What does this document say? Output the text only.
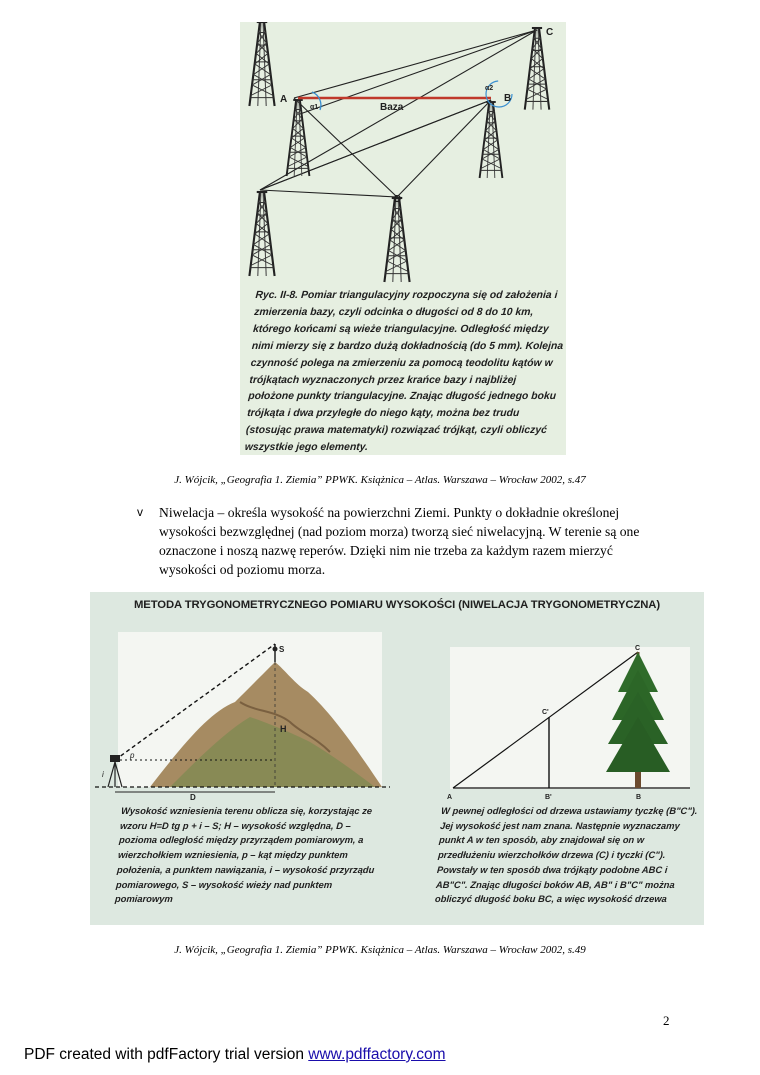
A	B
C
D
Baza
α1
α2
Ryc. II-8. Pomiar triangulacyjny rozpoczyna się od założenia i zmierzenia bazy, czyli odcinka o długości od 8 do 10 km, którego końcami są wieże triangulacyjne. Odległość między nimi mierzy się z bardzo dużą dokładnością (do 5 mm). Kolejna czynność polega na zmierzeniu za pomocą teodolitu kątów w trójkątach wyznaczonych przez krańce bazy i najbliżej położone punkty triangulacyjne. Znając długość jednego boku trójkąta i dwa przyległe do niego kąty, można bez trudu (stosując prawa matematyki) rozwiązać trójkąt, czyli obliczyć wszystkie jego elementy.
J. Wójcik, „Geografia 1. Ziemia” PPWK. Książnica – Atlas. Warszawa – Wrocław 2002, s.47
v Niwelacja – określa wysokość na powierzchni Ziemi. Punkty o dokładnie określonej wysokości bezwzględnej (nad poziom morza) tworzą sieć niwelacyjną. W terenie są one oznaczone i noszą nazwę reperów. Dzięki nim nie trzeba za każdym razem mierzyć wysokości od poziomu morza.
METODA TRYGONOMETRYCZNEGO POMIARU WYSOKOŚCI (NIWELACJA TRYGONOMETRYCZNA)
S
H
p
i
D	A	B'	B
C'
C
Wysokość wzniesienia terenu oblicza się, korzystając ze wzoru H=D tg p + i – S; H – wysokość względna, D – pozioma odległość między przyrządem pomiarowym, a wierzchołkiem wzniesienia, p – kąt między punktem położenia, a punktem nawiązania, i – wysokość przyrządu pomiarowego, S – wysokość wieży nad punktem pomiarowym
W pewnej odległości od drzewa ustawiamy tyczkę (B"C"). Jej wysokość jest nam znana. Następnie wyznaczamy punkt A w ten sposób, aby znajdował się on w przedłużeniu wierzchołków drzewa (C) i tyczki (C"). Powstały w ten sposób dwa trójkąty podobne ABC i AB"C". Znając długości boków AB, AB" i B"C" można obliczyć długość boku BC, a więc wysokość drzewa
J. Wójcik, „Geografia 1. Ziemia” PPWK. Książnica – Atlas. Warszawa – Wrocław 2002, s.49
2
PDF created with pdfFactory trial version www.pdffactory.com
